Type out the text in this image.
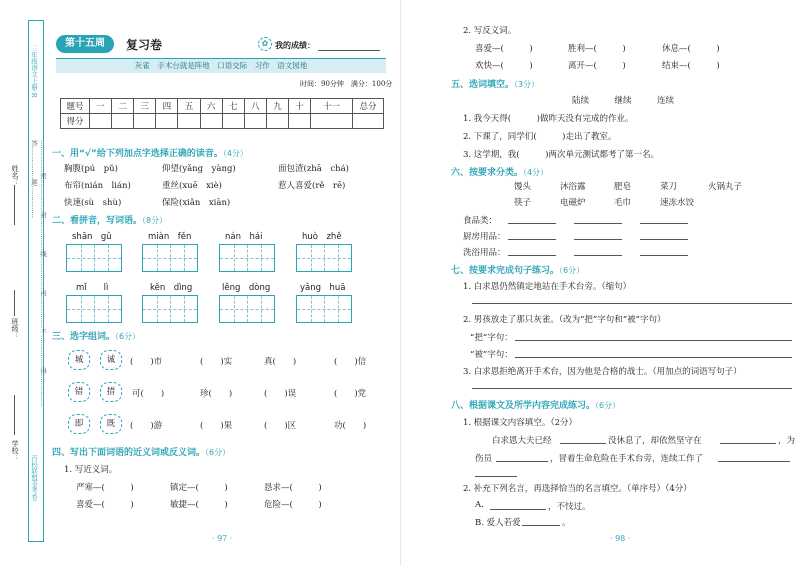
三年级语文上册·R
……………密……………封……………线……………内……………不……………得……………答……………题……………
百校联盟金考卷
姓名：
班级：
学校：
第十五周	复习卷	✿ 我的成绩：
灰雀　手术台就是阵地　口语交际　习作　语文园地
时间：90分钟　满分：100分
题号	一	二	三	四	五	六	七	八	九	十	十一	总分
得分												
一、用“√”给下列加点字选择正确的读音。（4分）
胸腹(pú　pǔ)	仰望(yǎng　yàng)	面包渣(zhā　chá)
布帘(nián　lián)	重丝(xuē　xiè)	惹人喜爱(rě　rē)
快速(sù　shù)	保险(xiǎn　xiān)
二、看拼音，写词语。（8分）
shān　gǔ	miàn　fěn	nán　hái	huò　zhě
mǐ　　lì	kěn　dìng	lěng　dòng	yǎng　huā
三、选字组词。（6分）
城	诚	(　　)市	(　　)实	真(　　)	(　　)信
错	措	可(　　)	珍(　　)	(　　)误	(　　)党
即	既	(　　)游	(　　)果	(　　)区	功(　　)
四、写出下面词语的近义词或反义词。（6分）
1. 写近义词。
严寒—(　　　)	镇定—(　　　)	恳求—(　　　)
喜爱—(　　　)	敏捷—(　　　)	危险—(　　　)
· 97 ·
2. 写反义词。
喜爱—(　　　)	胜利—(　　　)	休息—(　　　)
欢快—(　　　)	离开—(　　　)	结束—(　　　)
五、选词填空。（3分）
陆续　　　继续　　　连续
1. 我今天得(　　　)做昨天没有完成的作业。
2. 下课了，同学们(　　　)走出了教室。
3. 这学期，我(　　　)两次单元测试都考了第一名。
六、按要求分类。（4分）
馒头	沐浴露	肥皂	菜刀	火锅丸子
筷子	电磁炉	毛巾	速冻水饺
食品类：
厨房用品：
洗浴用品：
七、按要求完成句子练习。（6分）
1. 白求恩仍然镇定地站在手术台旁。（缩句）
2. 男孩放走了那只灰雀。（改为“把”字句和“被”字句）
“把”字句：
“被”字句：
3. 白求恩拒绝离开手术台，因为他是合格的战士。（用加点的词语写句子）
八、根据课文及所学内容完成练习。（6分）
1. 根据课文内容填空。（2分）
白求恩大夫已经	没休息了，却依然坚守在	，为
伤员	，冒着生命危险在手术台旁，连续工作了
2. 补充下列名言，再选择恰当的名言填空。（单序号）（4分）
A.	，不忮过。
B. 爱人若爱	。
· 98 ·
